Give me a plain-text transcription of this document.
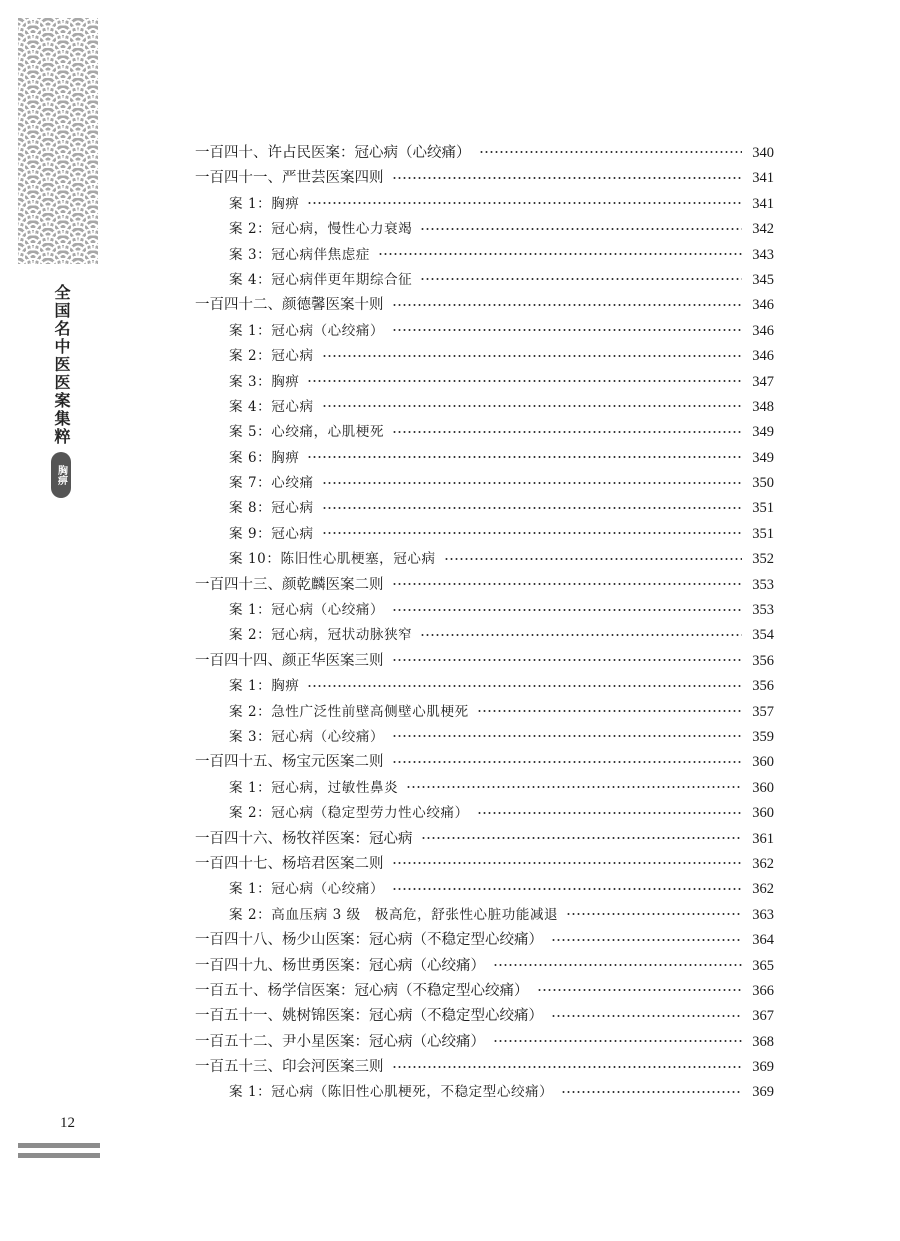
全国名中医医案集粹
胸痹
一百四十、许占民医案：冠心病（心绞痛）	340
一百四十一、严世芸医案四则	341
案 1：胸痹	341
案 2：冠心病，慢性心力衰竭	342
案 3：冠心病伴焦虑症	343
案 4：冠心病伴更年期综合征	345
一百四十二、颜德馨医案十则	346
案 1：冠心病（心绞痛）	346
案 2：冠心病	346
案 3：胸痹	347
案 4：冠心病	348
案 5：心绞痛，心肌梗死	349
案 6：胸痹	349
案 7：心绞痛	350
案 8：冠心病	351
案 9：冠心病	351
案 10：陈旧性心肌梗塞，冠心病	352
一百四十三、颜乾麟医案二则	353
案 1：冠心病（心绞痛）	353
案 2：冠心病，冠状动脉狭窄	354
一百四十四、颜正华医案三则	356
案 1：胸痹	356
案 2：急性广泛性前壁高侧壁心肌梗死	357
案 3：冠心病（心绞痛）	359
一百四十五、杨宝元医案二则	360
案 1：冠心病，过敏性鼻炎	360
案 2：冠心病（稳定型劳力性心绞痛）	360
一百四十六、杨牧祥医案：冠心病	361
一百四十七、杨培君医案二则	362
案 1：冠心病（心绞痛）	362
案 2：高血压病 3 级　极高危，舒张性心脏功能减退	363
一百四十八、杨少山医案：冠心病（不稳定型心绞痛）	364
一百四十九、杨世勇医案：冠心病（心绞痛）	365
一百五十、杨学信医案：冠心病（不稳定型心绞痛）	366
一百五十一、姚树锦医案：冠心病（不稳定型心绞痛）	367
一百五十二、尹小星医案：冠心病（心绞痛）	368
一百五十三、印会河医案三则	369
案 1：冠心病（陈旧性心肌梗死，不稳定型心绞痛）	369
12
